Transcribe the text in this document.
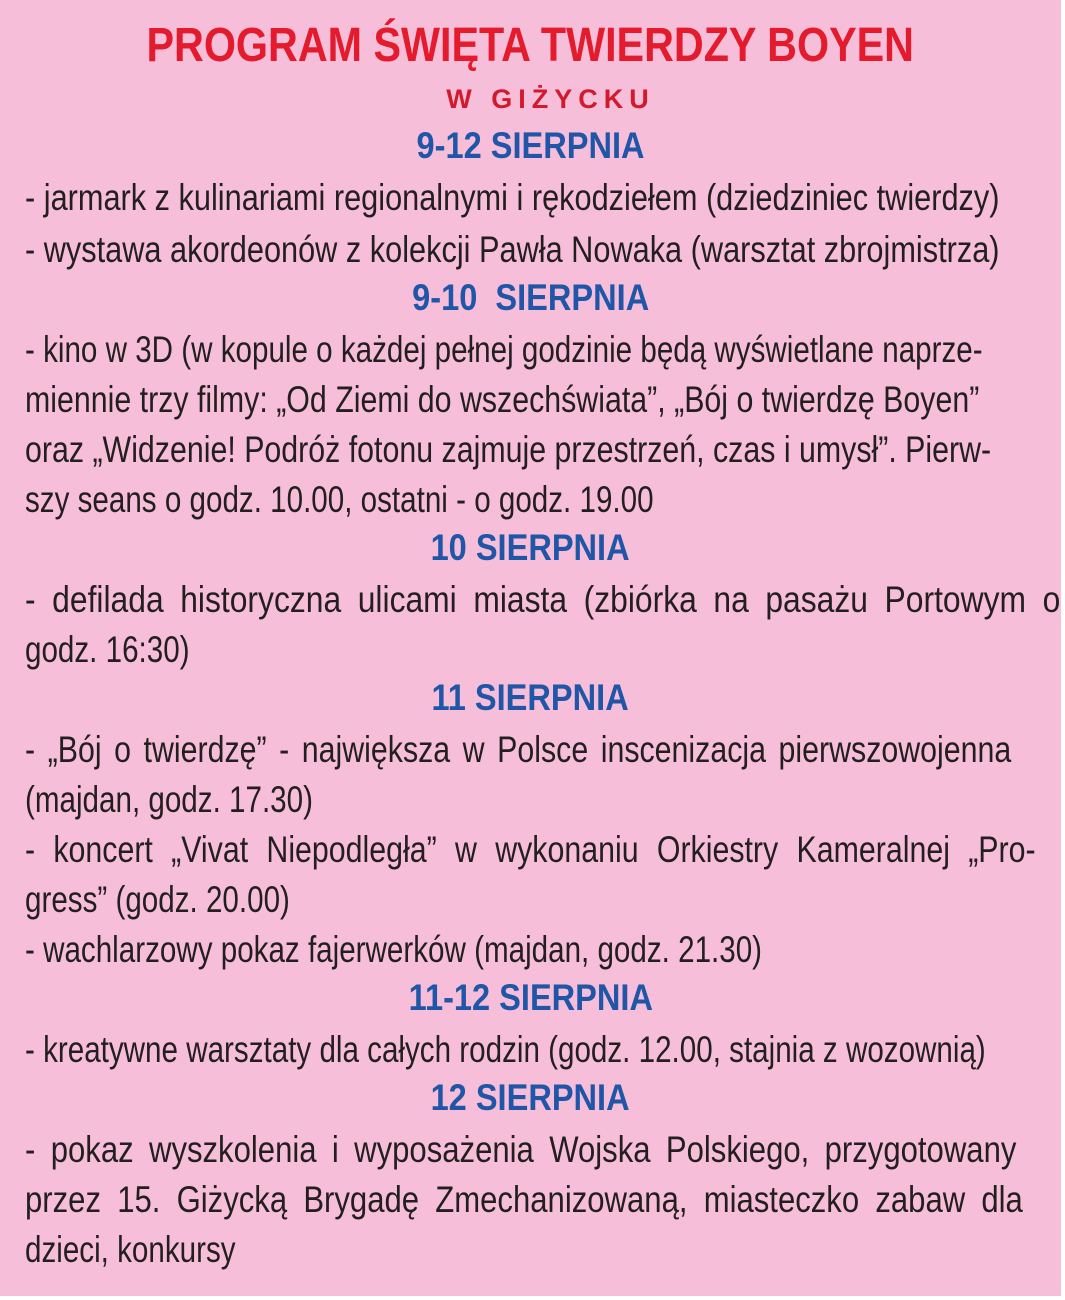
PROGRAM ŚWIĘTA TWIERDZY BOYEN
W GIŻYCKU
9-12 SIERPNIA
- jarmark z kulinariami regionalnymi i rękodziełem (dziedziniec twierdzy)
- wystawa akordeonów z kolekcji Pawła Nowaka (warsztat zbrojmistrza)
9-10  SIERPNIA
- kino w 3D (w kopule o każdej pełnej godzinie będą wyświetlane naprze-
miennie trzy filmy: „Od Ziemi do wszechświata”, „Bój o twierdzę Boyen”
oraz „Widzenie! Podróż fotonu zajmuje przestrzeń, czas i umysł”. Pierw-
szy seans o godz. 10.00, ostatni - o godz. 19.00
10 SIERPNIA
- defilada historyczna ulicami miasta (zbiórka na pasażu Portowym o
godz. 16:30)
11 SIERPNIA
- „Bój o twierdzę” - największa w Polsce inscenizacja pierwszowojenna
(majdan, godz. 17.30)
- koncert „Vivat Niepodległa” w wykonaniu Orkiestry Kameralnej „Pro-
gress” (godz. 20.00)
- wachlarzowy pokaz fajerwerków (majdan, godz. 21.30)
11-12 SIERPNIA
- kreatywne warsztaty dla całych rodzin (godz. 12.00, stajnia z wozownią)
12 SIERPNIA
- pokaz wyszkolenia i wyposażenia Wojska Polskiego, przygotowany
przez 15. Giżycką Brygadę Zmechanizowaną, miasteczko zabaw dla
dzieci, konkursy
